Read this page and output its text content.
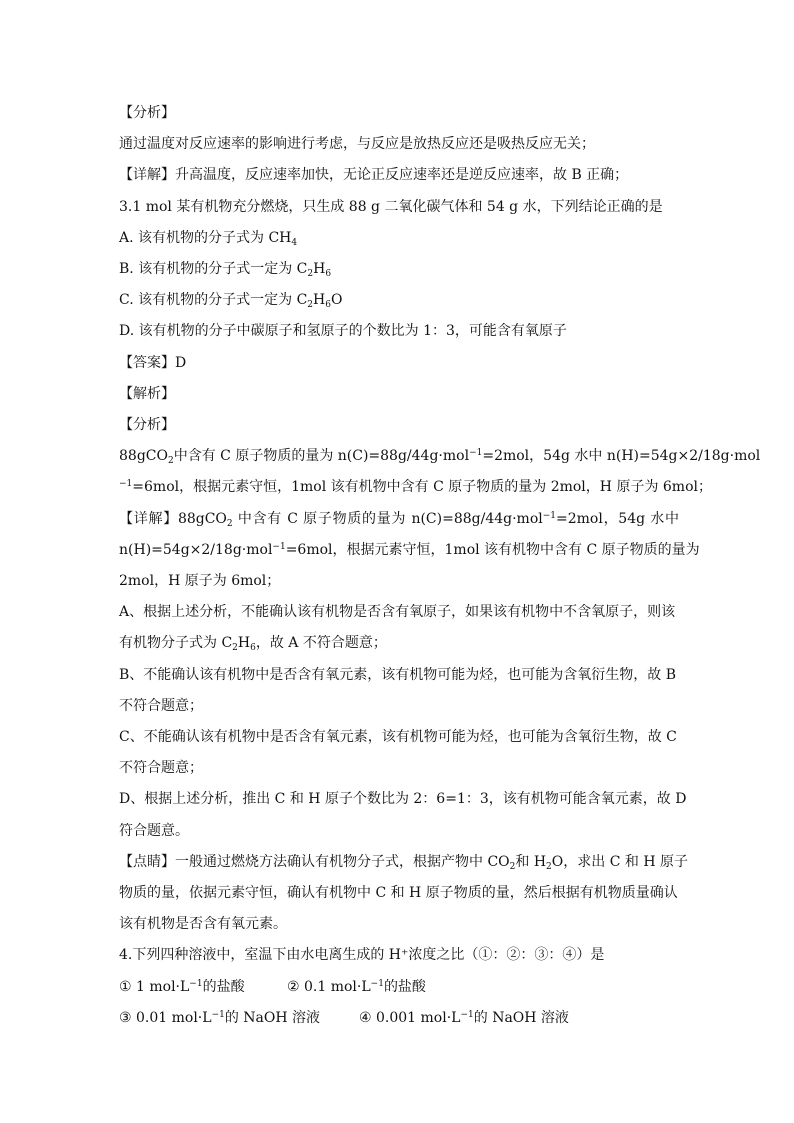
【分析】
通过温度对反应速率的影响进行考虑，与反应是放热反应还是吸热反应无关；
【详解】升高温度，反应速率加快，无论正反应速率还是逆反应速率，故 B 正确；
3.1 mol 某有机物充分燃烧，只生成 88 g 二氧化碳气体和 54 g 水，下列结论正确的是
A. 该有机物的分子式为 $CH_4$
B. 该有机物的分子式一定为 $C_2H_6$
C. 该有机物的分子式一定为 $C_2H_6O$
D. 该有机物的分子中碳原子和氢原子的个数比为 1：3，可能含有氧原子
【答案】D
【解析】
【分析】
88gCO$_2$中含有 C 原子物质的量为 n(C)=88g/44g·mol$^{-1}$=2mol，54g 水中 n(H)=54g×2/18g·mol
$^{-1}$=6mol，根据元素守恒，1mol 该有机物中含有 C 原子物质的量为 2mol，H 原子为 6mol；
【详解】88gCO$_2$ 中含有 C 原子物质的量为 n(C)=88g/44g·mol$^{-1}$=2mol，54g 水中
n(H)=54g×2/18g·mol$^{-1}$=6mol，根据元素守恒，1mol 该有机物中含有 C 原子物质的量为
2mol，H 原子为 6mol；
A、根据上述分析，不能确认该有机物是否含有氧原子，如果该有机物中不含氧原子，则该
有机物分子式为 $C_2H_6$，故 A 不符合题意；
B、不能确认该有机物中是否含有氧元素，该有机物可能为烃，也可能为含氧衍生物，故 B
不符合题意；
C、不能确认该有机物中是否含有氧元素，该有机物可能为烃，也可能为含氧衍生物，故 C
不符合题意；
D、根据上述分析，推出 C 和 H 原子个数比为 2：6=1：3，该有机物可能含氧元素，故 D
符合题意。
【点睛】一般通过燃烧方法确认有机物分子式，根据产物中 $CO_2$和 $H_2O$，求出 C 和 H 原子
物质的量，依据元素守恒，确认有机物中 C 和 H 原子物质的量，然后根据有机物质量确认
该有机物是否含有氧元素。
4.下列四种溶液中，室温下由水电离生成的 H⁺浓度之比（①：②：③：④）是
① 1 $mol\cdot L^{-1}$的盐酸	② 0.1 $mol\cdot L^{-1}$的盐酸
③ 0.01 $mol\cdot L^{-1}$的 NaOH 溶液	④ 0.001 $mol\cdot L^{-1}$的 NaOH 溶液
